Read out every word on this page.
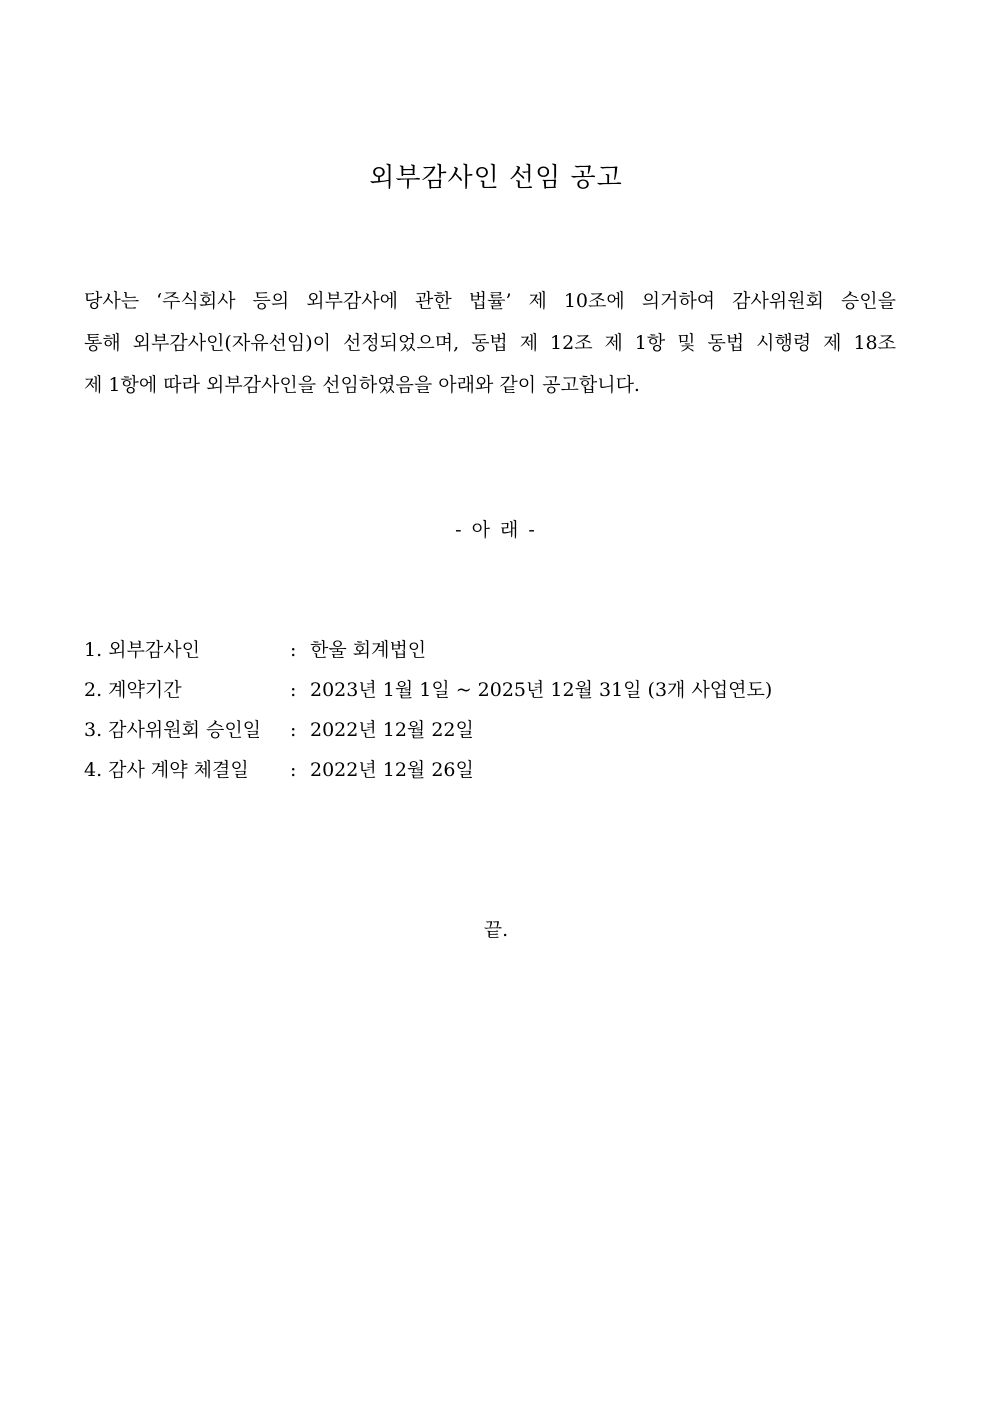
외부감사인 선임 공고
당사는 ‘주식회사 등의 외부감사에 관한 법률’ 제 10조에 의거하여 감사위원회 승인을
통해 외부감사인(자유선임)이 선정되었으며, 동법 제 12조 제 1항 및 동법 시행령 제 18조
제 1항에 따라 외부감사인을 선임하였음을 아래와 같이 공고합니다.
- 아 래 -
1. 외부감사인	: 한울 회계법인
2. 계약기간	: 2023년 1월 1일 ~ 2025년 12월 31일 (3개 사업연도)
3. 감사위원회 승인일	: 2022년 12월 22일
4. 감사 계약 체결일	: 2022년 12월 26일
끝.
